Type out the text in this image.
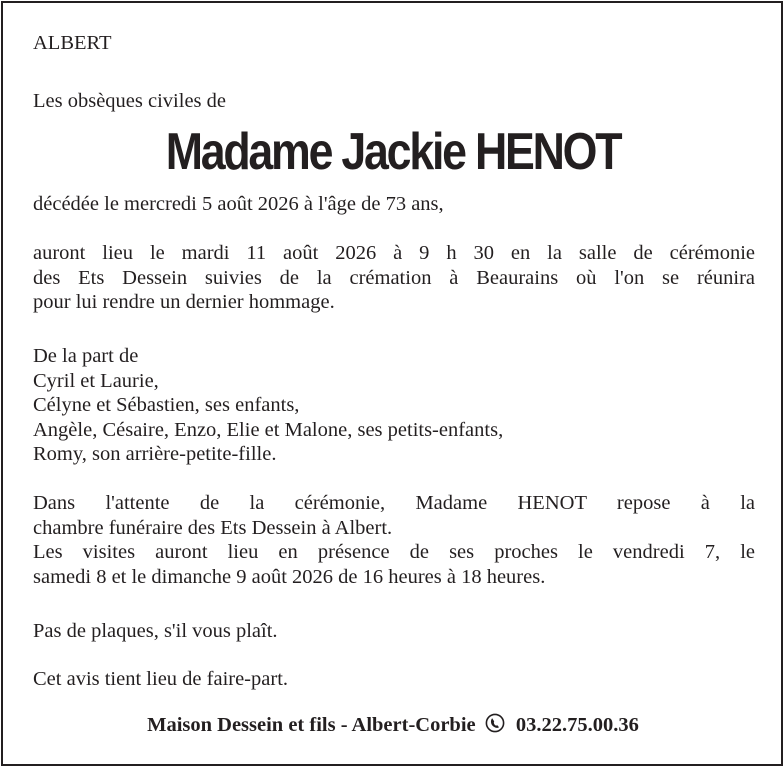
ALBERT

Les obsèques civiles de

Madame Jackie HENOT

décédée le mercredi 5 août 2026 à l'âge de 73 ans,

auront lieu le mardi 11 août 2026 à 9 h 30 en la salle de cérémonie
des Ets Dessein suivies de la crémation à Beaurains où l'on se réunira
pour lui rendre un dernier hommage.

De la part de
Cyril et Laurie,
Célyne et Sébastien, ses enfants,
Angèle, Césaire, Enzo, Elie et Malone, ses petits-enfants,
Romy, son arrière-petite-fille.
Dans l'attente de la cérémonie, Madame HENOT repose à la
chambre funéraire des Ets Dessein à Albert.
Les visites auront lieu en présence de ses proches le vendredi 7, le
samedi 8 et le dimanche 9 août 2026 de 16 heures à 18 heures.

Pas de plaques, s'il vous plaît.

Cet avis tient lieu de faire-part.

Maison Dessein et fils - Albert-Corbie 03.22.75.00.36
